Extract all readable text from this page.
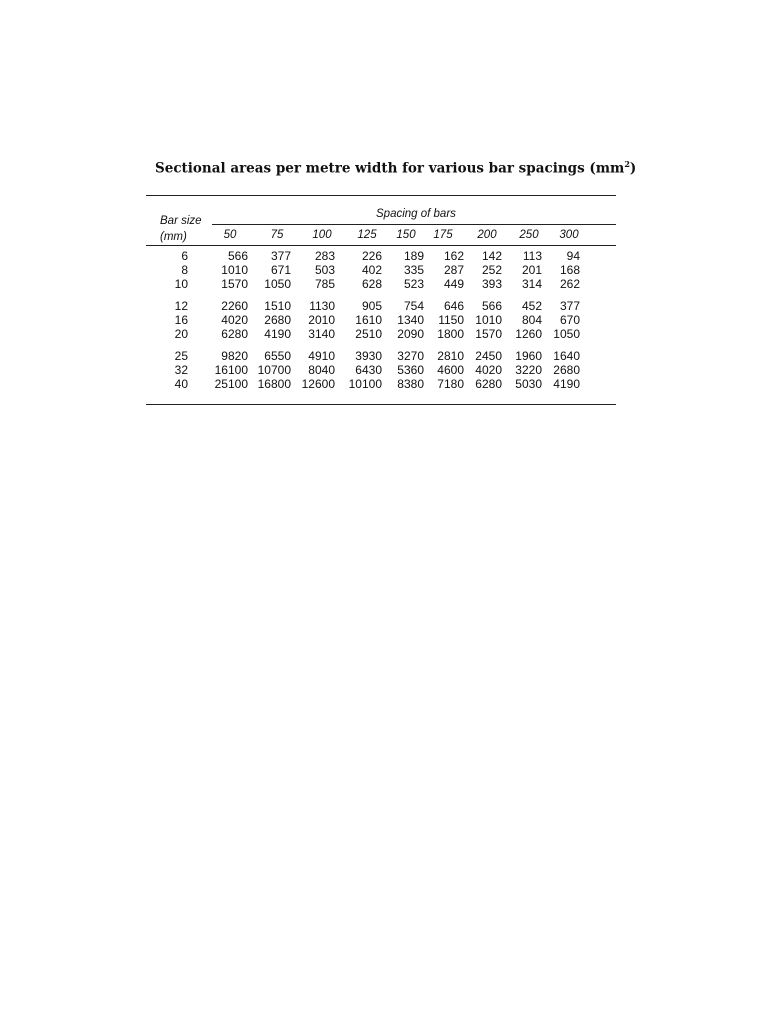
Sectional areas per metre width for various bar spacings $(mm^2)$
Bar size
(mm)
Spacing of bars
50	75	100	125	150	175	200	250	300
6	566	377	283	226	189	162	142	113	94
8	1010	671	503	402	335	287	252	201	168
10	1570	1050	785	628	523	449	393	314	262
12	2260	1510	1130	905	754	646	566	452	377
16	4020	2680	2010	1610	1340	1150 1010	804	670
20	6280	4190	3140	2510	2090	1800 1570	1260 1050
25	9820	6550	4910	3930	3270	2810 2450	1960 1640
32	16100 10700	8040	6430	5360	4600 4020	3220 2680
40	25100 16800 12600	10100	8380	7180 6280	5030 4190
